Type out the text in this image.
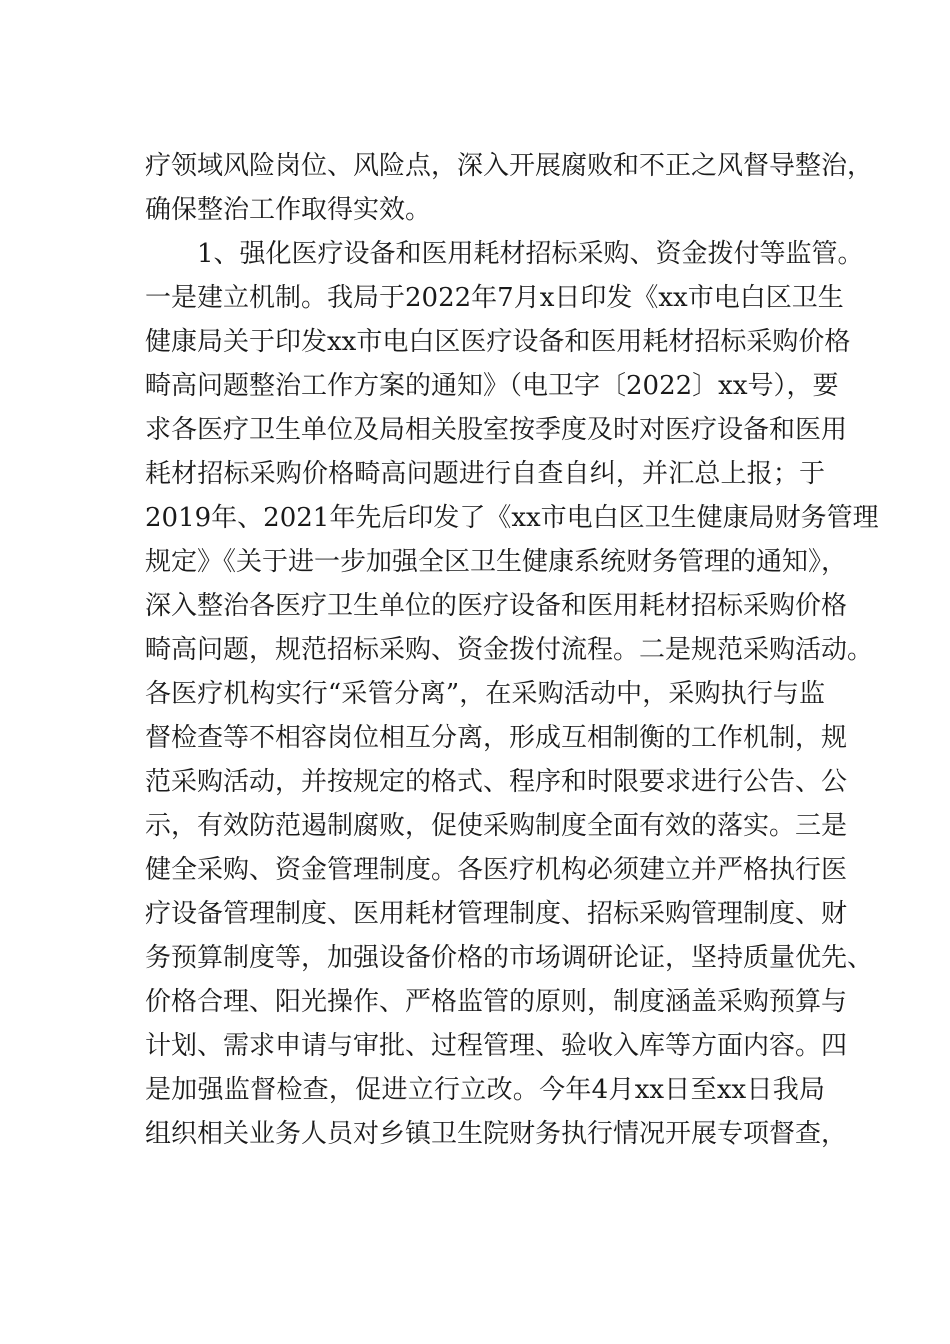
疗领域风险岗位、风险点，深入开展腐败和不正之风督导整治，
确保整治工作取得实效。
1、强化医疗设备和医用耗材招标采购、资金拨付等监管。
一是建立机制。我局于2022年7月x日印发《xx市电白区卫生
健康局关于印发xx市电白区医疗设备和医用耗材招标采购价格
畸高问题整治工作方案的通知》（电卫字〔2022〕xx号），要
求各医疗卫生单位及局相关股室按季度及时对医疗设备和医用
耗材招标采购价格畸高问题进行自查自纠，并汇总上报；于
2019年、2021年先后印发了《xx市电白区卫生健康局财务管理
规定》《关于进一步加强全区卫生健康系统财务管理的通知》，
深入整治各医疗卫生单位的医疗设备和医用耗材招标采购价格
畸高问题，规范招标采购、资金拨付流程。二是规范采购活动。
各医疗机构实行“采管分离”，在采购活动中，采购执行与监
督检查等不相容岗位相互分离，形成互相制衡的工作机制，规
范采购活动，并按规定的格式、程序和时限要求进行公告、公
示，有效防范遏制腐败，促使采购制度全面有效的落实。三是
健全采购、资金管理制度。各医疗机构必须建立并严格执行医
疗设备管理制度、医用耗材管理制度、招标采购管理制度、财
务预算制度等，加强设备价格的市场调研论证，坚持质量优先、
价格合理、阳光操作、严格监管的原则，制度涵盖采购预算与
计划、需求申请与审批、过程管理、验收入库等方面内容。四
是加强监督检查，促进立行立改。今年4月xx日至xx日我局
组织相关业务人员对乡镇卫生院财务执行情况开展专项督查，
